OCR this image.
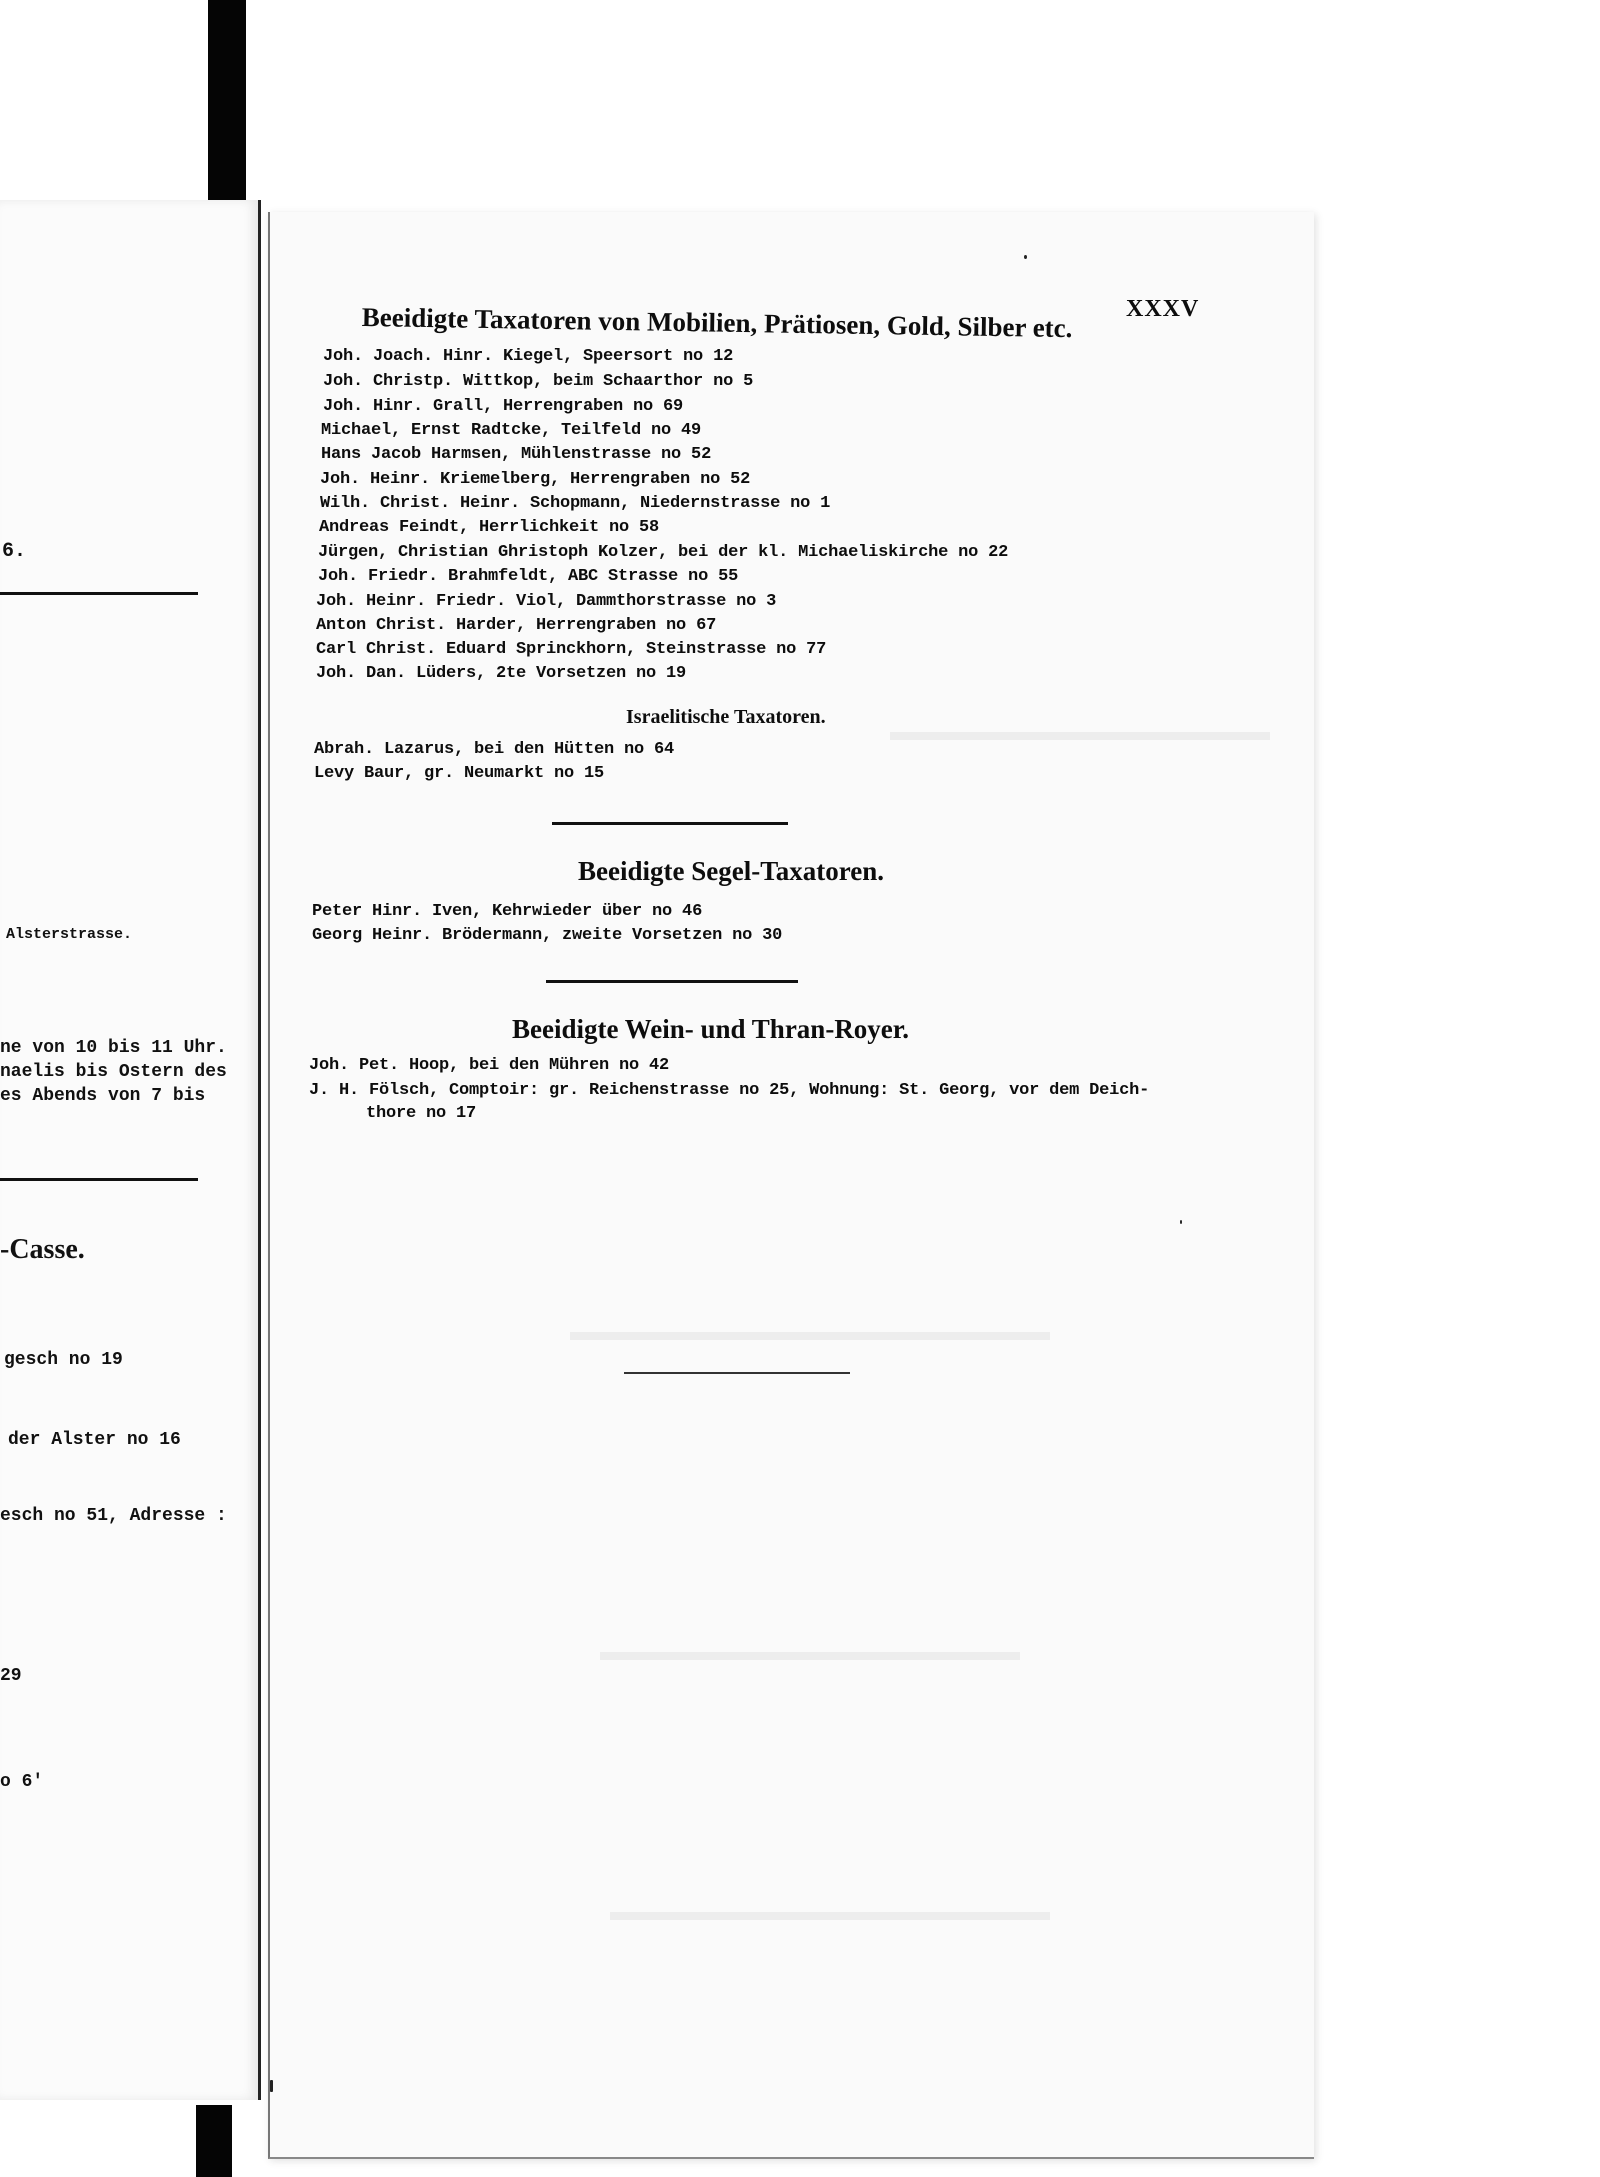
6.
Alsterstrasse.
ne von 10 bis 11 Uhr.
naelis bis Ostern des
es Abends von 7 bis
-Casse.
gesch no 19
der Alster no 16
esch no 51, Adresse :
29
o 6'
XXXV
Beeidigte Taxatoren von Mobilien, Prätiosen, Gold, Silber etc.
Joh. Joach. Hinr. Kiegel, Speersort no 12
Joh. Christp. Wittkop, beim Schaarthor no 5
Joh. Hinr. Grall, Herrengraben no 69
Michael, Ernst Radtcke, Teilfeld no 49
Hans Jacob Harmsen, Mühlenstrasse no 52
Joh. Heinr. Kriemelberg, Herrengraben no 52
Wilh. Christ. Heinr. Schopmann, Niedernstrasse no 1
Andreas Feindt, Herrlichkeit no 58
Jürgen, Christian Ghristoph Kolzer, bei der kl. Michaeliskirche no 22
Joh. Friedr. Brahmfeldt, ABC Strasse no 55
Joh. Heinr. Friedr. Viol, Dammthorstrasse no 3
Anton Christ. Harder, Herrengraben no 67
Carl Christ. Eduard Sprinckhorn, Steinstrasse no 77
Joh. Dan. Lüders, 2te Vorsetzen no 19
Israelitische Taxatoren.
Abrah. Lazarus, bei den Hütten no 64
Levy Baur, gr. Neumarkt no 15
Beeidigte Segel-Taxatoren.
Peter Hinr. Iven, Kehrwieder über no 46
Georg Heinr. Brödermann, zweite Vorsetzen no 30
Beeidigte Wein- und Thran-Royer.
Joh. Pet. Hoop, bei den Mühren no 42
J. H. Fölsch, Comptoir: gr. Reichenstrasse no 25, Wohnung: St. Georg, vor dem Deich-
thore no 17
